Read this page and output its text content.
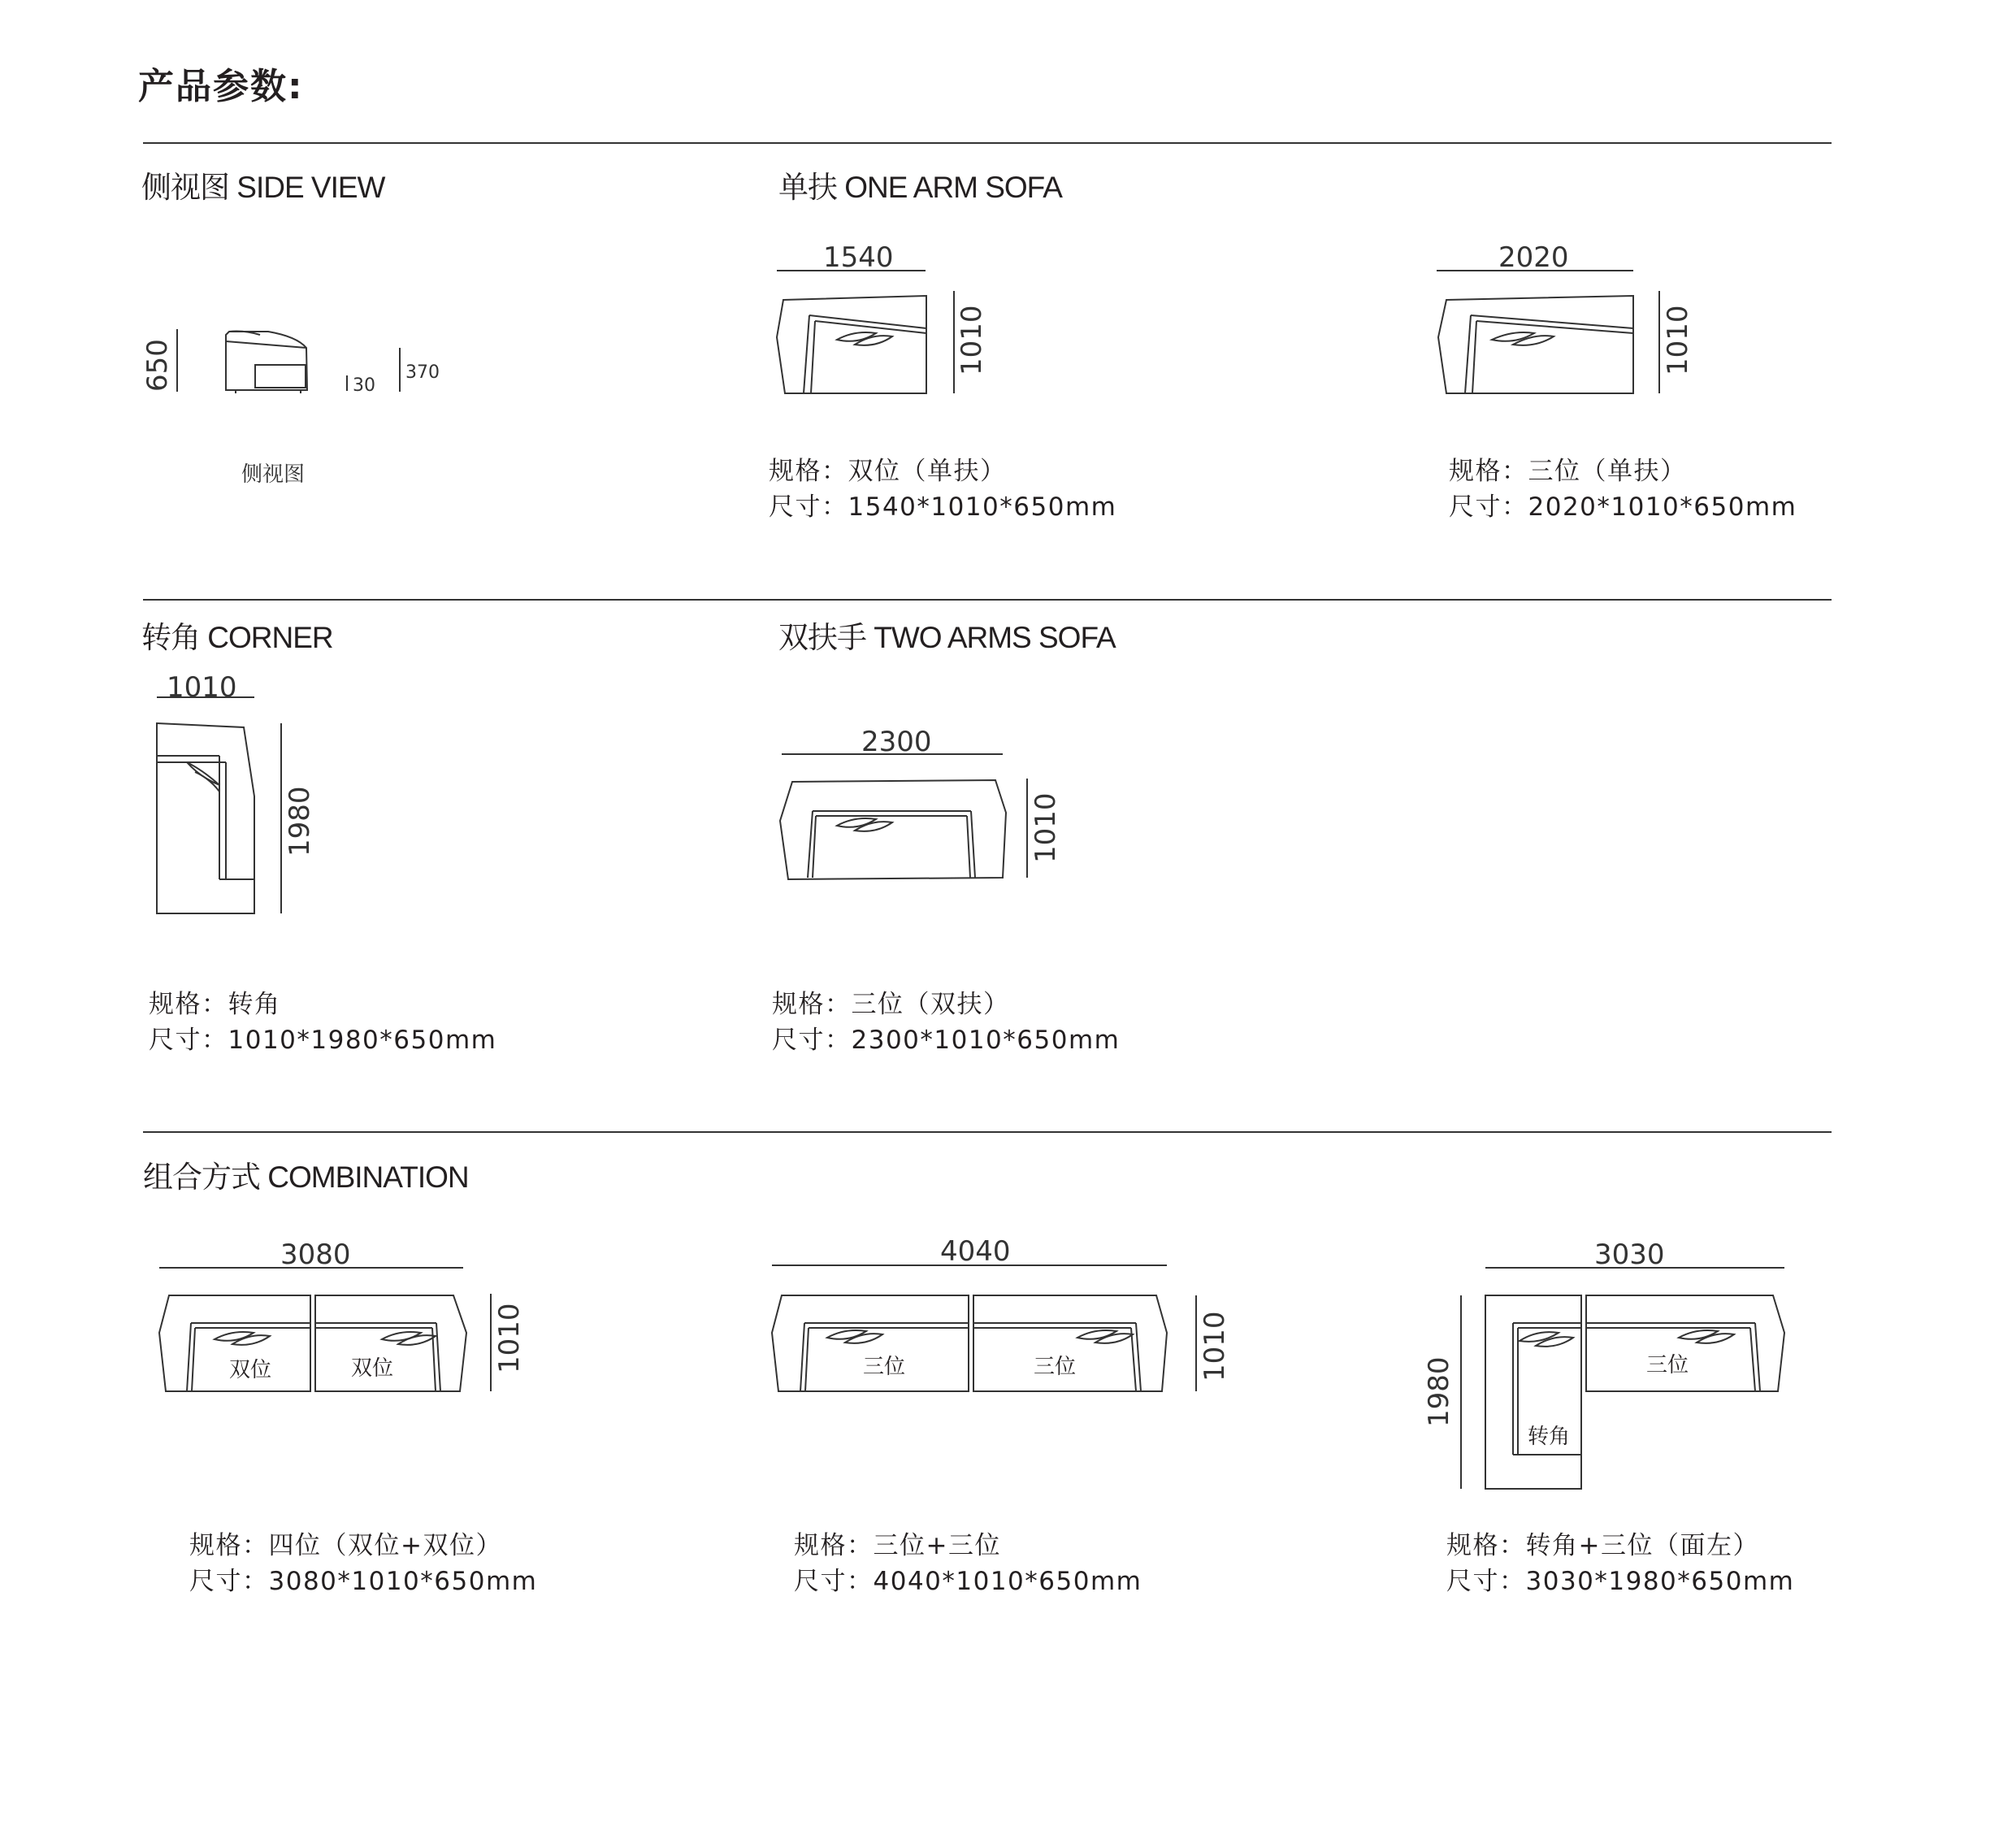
产品参数:
侧视图 SIDE VIEW	单扶 ONE ARM SOFA
转角 CORNER	双扶手 TWO ARMS SOFA
组合方式 COMBINATION
侧视图	规格：双位（单扶）
尺寸：1540*1010*650mm
规格：三位（单扶）
尺寸：2020*1010*650mm
规格：转角
尺寸：1010*1980*650mm
规格：三位（双扶）
尺寸：2300*1010*650mm
规格：四位（双位+双位）
尺寸：3080*1010*650mm
规格：三位+三位
尺寸：4040*1010*650mm
规格：转角+三位（面左）
尺寸：3030*1980*650mm
650	30
370
1540
1010
2020
1010
1010
1980
2300
1010
3080
双位	双位	1010
4040
三位	三位	1010
3030
1980	三位
转角
